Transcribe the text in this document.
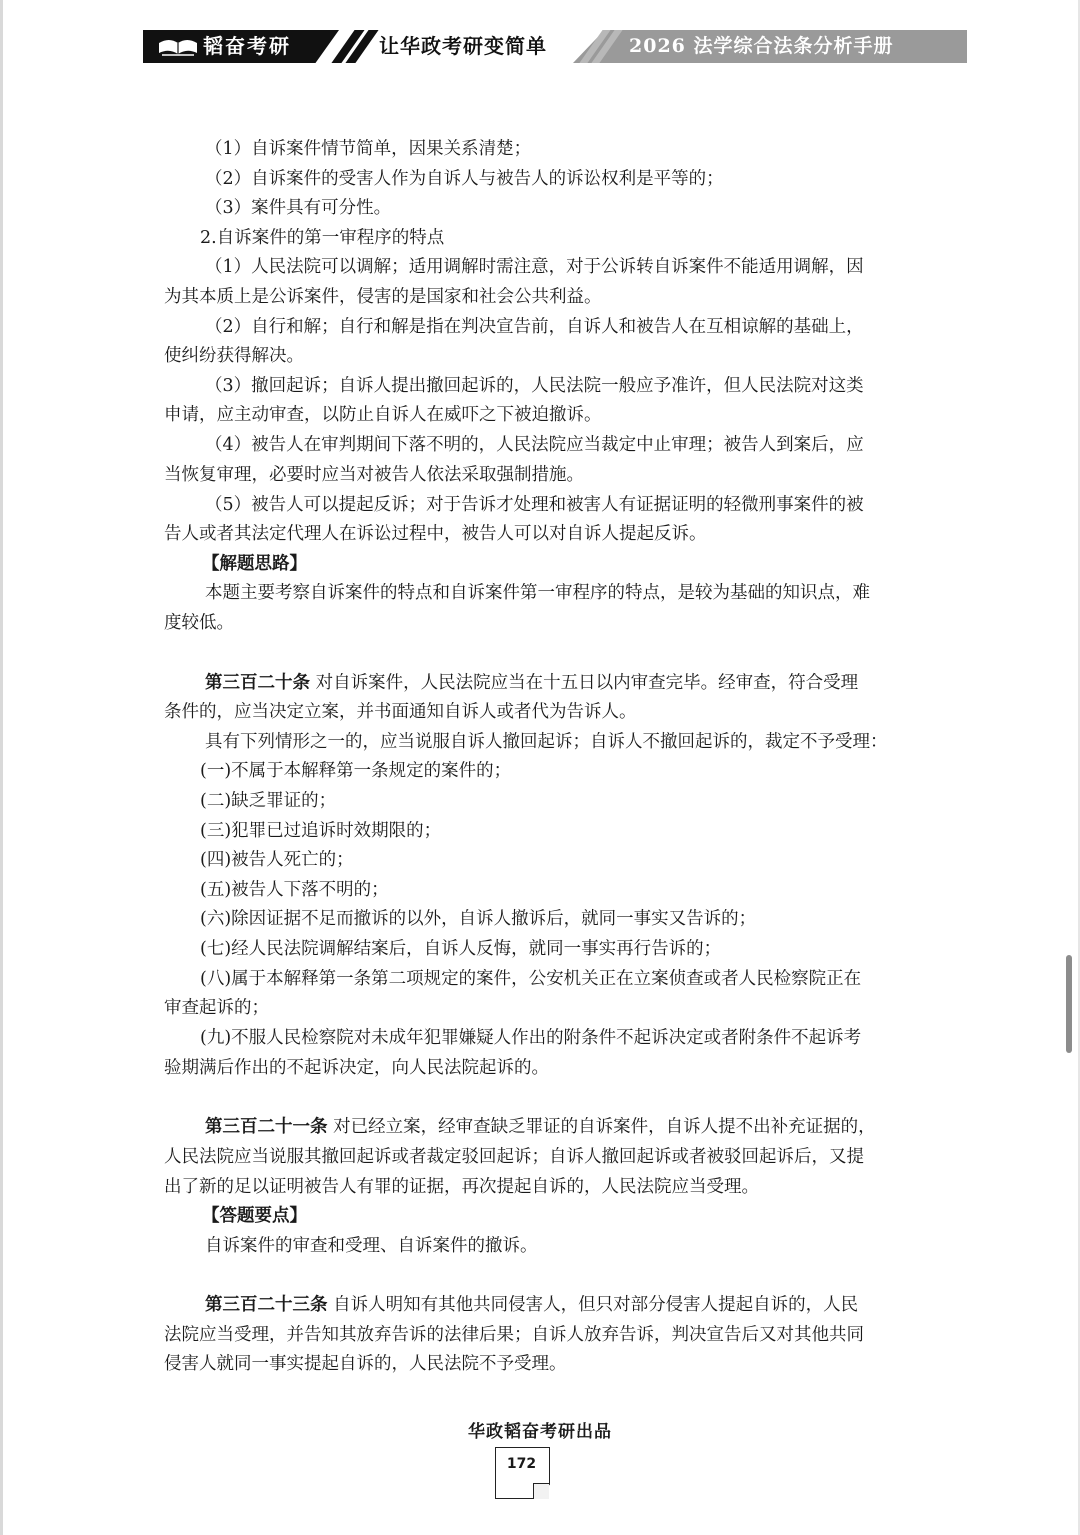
韬奋考研	让华政考研变简单	2026 法学综合法条分析手册
（1）自诉案件情节简单，因果关系清楚；
（2）自诉案件的受害人作为自诉人与被告人的诉讼权利是平等的；
（3）案件具有可分性。
2.自诉案件的第一审程序的特点
（1）人民法院可以调解；适用调解时需注意，对于公诉转自诉案件不能适用调解，因
为其本质上是公诉案件，侵害的是国家和社会公共利益。
（2）自行和解；自行和解是指在判决宣告前，自诉人和被告人在互相谅解的基础上，
使纠纷获得解决。
（3）撤回起诉；自诉人提出撤回起诉的，人民法院一般应予准许，但人民法院对这类
申请，应主动审查，以防止自诉人在威吓之下被迫撤诉。
（4）被告人在审判期间下落不明的，人民法院应当裁定中止审理；被告人到案后，应
当恢复审理，必要时应当对被告人依法采取强制措施。
（5）被告人可以提起反诉；对于告诉才处理和被害人有证据证明的轻微刑事案件的被
告人或者其法定代理人在诉讼过程中，被告人可以对自诉人提起反诉。
【解题思路】
本题主要考察自诉案件的特点和自诉案件第一审程序的特点，是较为基础的知识点，难
度较低。
第三百二十条 对自诉案件，人民法院应当在十五日以内审查完毕。经审查，符合受理
条件的，应当决定立案，并书面通知自诉人或者代为告诉人。
具有下列情形之一的，应当说服自诉人撤回起诉；自诉人不撤回起诉的，裁定不予受理：
(一)不属于本解释第一条规定的案件的；
(二)缺乏罪证的；
(三)犯罪已过追诉时效期限的；
(四)被告人死亡的；
(五)被告人下落不明的；
(六)除因证据不足而撤诉的以外，自诉人撤诉后，就同一事实又告诉的；
(七)经人民法院调解结案后，自诉人反悔，就同一事实再行告诉的；
(八)属于本解释第一条第二项规定的案件，公安机关正在立案侦查或者人民检察院正在
审查起诉的；
(九)不服人民检察院对未成年犯罪嫌疑人作出的附条件不起诉决定或者附条件不起诉考
验期满后作出的不起诉决定，向人民法院起诉的。
第三百二十一条 对已经立案，经审查缺乏罪证的自诉案件，自诉人提不出补充证据的，
人民法院应当说服其撤回起诉或者裁定驳回起诉；自诉人撤回起诉或者被驳回起诉后，又提
出了新的足以证明被告人有罪的证据，再次提起自诉的，人民法院应当受理。
【答题要点】
自诉案件的审查和受理、自诉案件的撤诉。
第三百二十三条 自诉人明知有其他共同侵害人，但只对部分侵害人提起自诉的，人民
法院应当受理，并告知其放弃告诉的法律后果；自诉人放弃告诉，判决宣告后又对其他共同
侵害人就同一事实提起自诉的，人民法院不予受理。
华政韬奋考研出品
172
